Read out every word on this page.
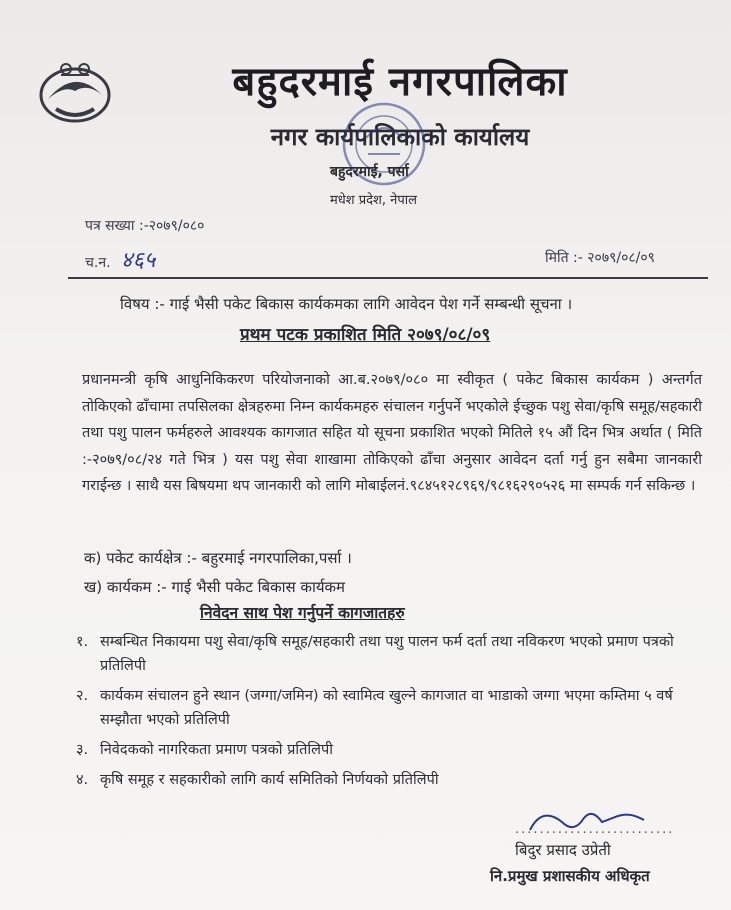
बहुदरमाई नगरपालिका
नगर कार्यपालिकाको कार्यालय
बहुदरमाई, पर्सा
मधेश प्रदेश, नेपाल
पत्र सख्या :-२०७९/०८०
च.न. ४६५	मिति :- २०७९/०८/०९
विषय :- गाई भैसी पकेट बिकास कार्यकमका लागि आवेदन पेश गर्ने सम्बन्धी सूचना ।
प्रथम पटक प्रकाशित मिति २०७९/०८/०९
प्रधानमन्त्री कृषि आधुनिकिकरण परियोजनाको आ.ब.२०७९/०८० मा स्वीकृत ( पकेट बिकास कार्यकम ) अन्तर्गत तोकिएको ढाँचामा तपसिलका क्षेत्रहरुमा निम्न कार्यकमहरु संचालन गर्नुपर्ने भएकोले ईच्छुक पशु सेवा/कृषि समूह/सहकारी तथा पशु पालन फर्महरुले आवश्यक कागजात सहित यो सूचना प्रकाशित भएको मितिले १५ औं दिन भित्र अर्थात ( मिति :-२०७९/०८/२४ गते भित्र ) यस पशु सेवा शाखामा तोकिएको ढाँचा अनुसार आवेदन दर्ता गर्नु हुन सबैमा जानकारी गराईन्छ । साथै यस बिषयमा थप जानकारी को लागि मोबाईलनं.९८४५१२८९६९/९८१६२९०५२६ मा सम्पर्क गर्न सकिन्छ ।
क) पकेट कार्यक्षेत्र :- बहुरमाई नगरपालिका,पर्सा ।
ख) कार्यकम :- गाई भैसी पकेट बिकास कार्यकम
निवेदन साथ पेश गर्नुपर्ने कागजातहरु
१. सम्बन्धित निकायमा पशु सेवा/कृषि समूह/सहकारी तथा पशु पालन फर्म दर्ता तथा नविकरण भएको प्रमाण पत्रको प्रतिलिपी
२. कार्यकम संचालन हुने स्थान (जग्गा/जमिन) को स्वामित्व खुल्ने कागजात वा भाडाको जग्गा भएमा कम्तिमा ५ वर्ष सम्झौता भएको प्रतिलिपी
३. निवेदकको नागरिकता प्रमाण पत्रको प्रतिलिपी
४. कृषि समूह र सहकारीको लागि कार्य समितिको निर्णयको प्रतिलिपी
..........................
बिदुर प्रसाद उप्रेती
नि.प्रमुख प्रशासकीय अधिकृत
